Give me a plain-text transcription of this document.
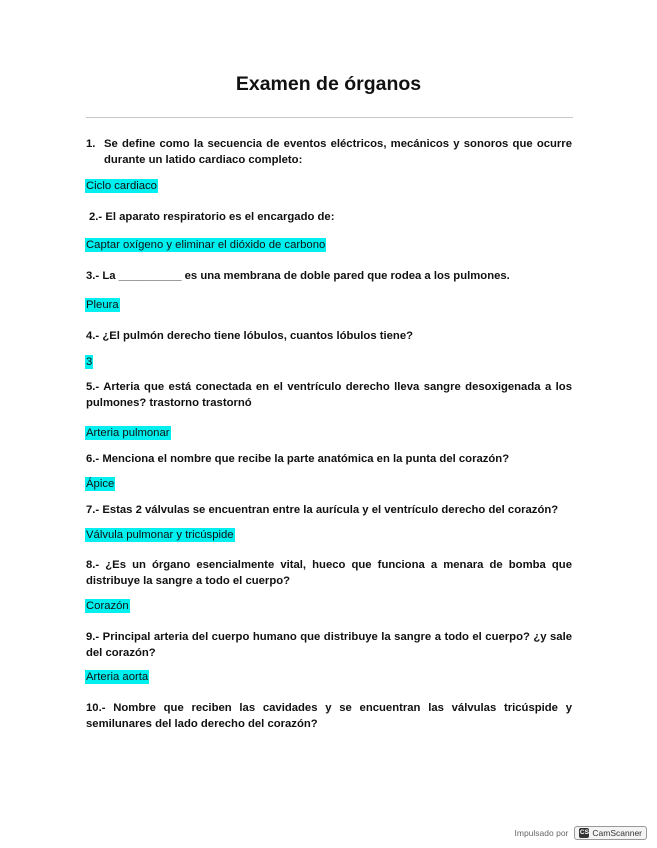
Examen de órganos
1. Se define como la secuencia de eventos eléctricos, mecánicos y sonoros que ocurre
durante un latido cardiaco completo:
Ciclo cardiaco
2.- El aparato respiratorio es el encargado de:
Captar oxígeno y eliminar el dióxido de carbono
3.- La __________ es una membrana de doble pared que rodea a los pulmones.
Pleura
4.- ¿El pulmón derecho tiene lóbulos, cuantos lóbulos tiene?
3
5.- Arteria que está conectada en el ventrículo derecho lleva sangre desoxigenada a los
pulmones? trastorno trastornó
Arteria pulmonar
6.- Menciona el nombre que recibe la parte anatómica en la punta del corazón?
Ápice
7.- Estas 2 válvulas se encuentran entre la aurícula y el ventrículo derecho del corazón?
Válvula pulmonar y tricúspide
8.- ¿Es un órgano esencialmente vital, hueco que funciona a menara de bomba que
distribuye la sangre a todo el cuerpo?
Corazón
9.- Principal arteria del cuerpo humano que distribuye la sangre a todo el cuerpo? ¿y sale
del corazón?
Arteria aorta
10.- Nombre que reciben las cavidades y se encuentran las válvulas tricúspide y
semilunares del lado derecho del corazón?
Impulsado por CS CamScanner
